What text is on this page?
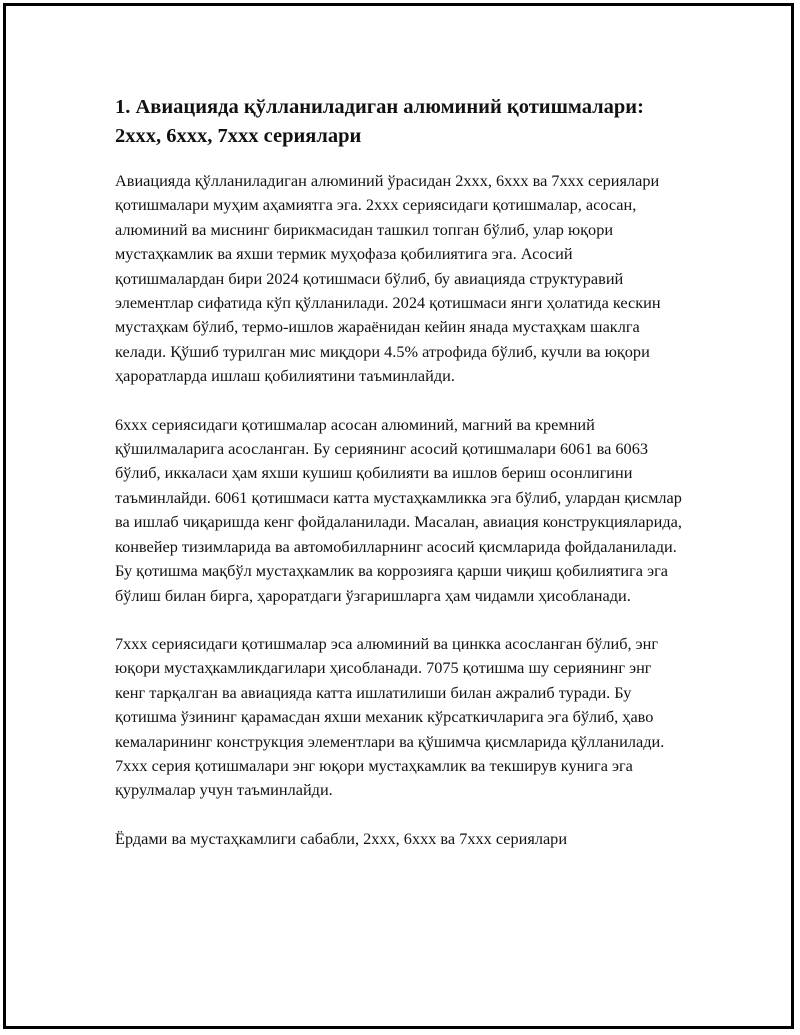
1. Авиацияда қўлланиладиган алюминий қотишмалари: 2xxx, 6xxx, 7xxx сериялари

Авиацияда қўлланиладиган алюминий ўрасидан 2xxx, 6xxx ва 7xxx сериялари қотишмалари муҳим аҳамиятга эга. 2xxx сериясидаги қотишмалар, асосан, алюминий ва миснинг бирикмасидан ташкил топган бўлиб, улар юқори мустаҳкамлик ва яхши термик муҳофаза қобилиятига эга. Асосий қотишмалардан бири 2024 қотишмаси бўлиб, бу авиацияда структуравий элементлар сифатида кўп қўлланилади. 2024 қотишмаси янги ҳолатида кескин мустаҳкам бўлиб, термо-ишлов жараёнидан кейин янада мустаҳкам шаклга келади. Қўшиб турилган мис миқдори 4.5% атрофида бўлиб, кучли ва юқори ҳароратларда ишлаш қобилиятини таъминлайди.

6xxx сериясидаги қотишмалар асосан алюминий, магний ва кремний қўшилмаларига асосланган. Бу сериянинг асосий қотишмалари 6061 ва 6063 бўлиб, иккаласи ҳам яхши кушиш қобилияти ва ишлов бериш осонлигини таъминлайди. 6061 қотишмаси катта мустаҳкамликка эга бўлиб, улардан қисмлар ва ишлаб чиқаришда кенг фойдаланилади. Масалан, авиация конструкцияларида, конвейер тизимларида ва автомобилларнинг асосий қисмларида фойдаланилади. Бу қотишма мақбўл мустаҳкамлик ва коррозияга қарши чиқиш қобилиятига эга бўлиш билан бирга, ҳароратдаги ўзгаришларга ҳам чидамли ҳисобланади.

7xxx сериясидаги қотишмалар эса алюминий ва цинкка асосланган бўлиб, энг юқори мустаҳкамликдагилари ҳисобланади. 7075 қотишма шу сериянинг энг кенг тарқалган ва авиацияда катта ишлатилиши билан ажралиб туради. Бу қотишма ўзининг қарамасдан яхши механик кўрсаткичларига эга бўлиб, ҳаво кемаларининг конструкция элементлари ва қўшимча қисмларида қўлланилади. 7xxx серия қотишмалари энг юқори мустаҳкамлик ва текширув кунига эга қурулмалар учун таъминлайди.

Ёрдами ва мустаҳкамлиги сабабли, 2xxx, 6xxx ва 7xxx сериялари
